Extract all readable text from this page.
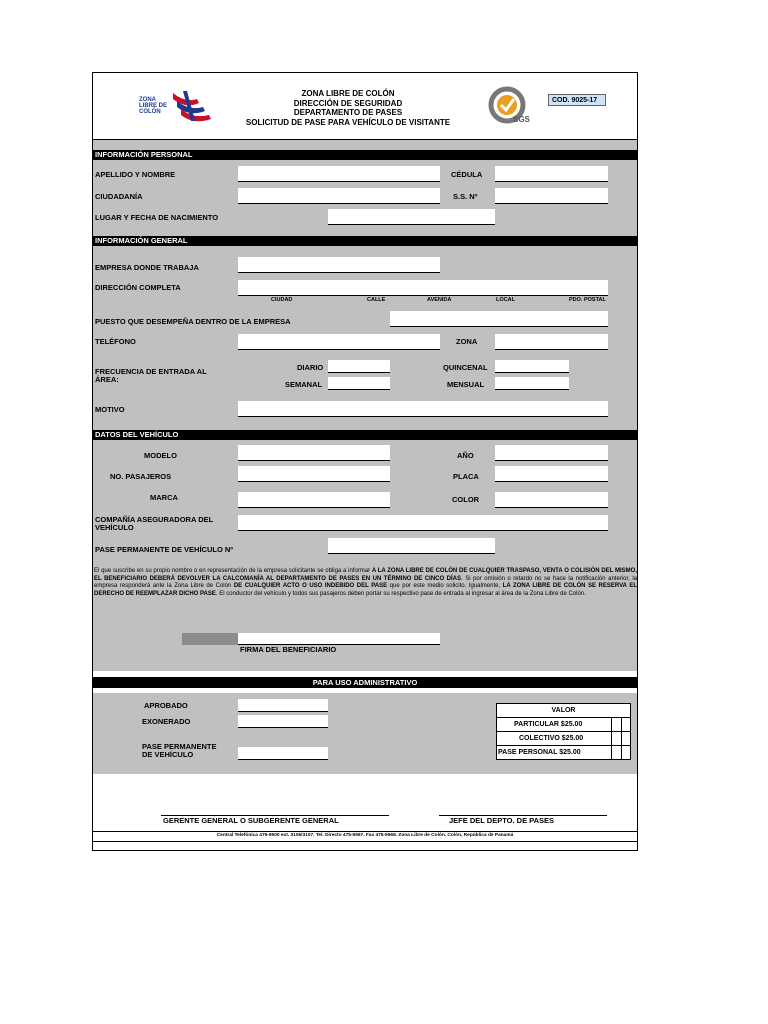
ZONA LIBRE DE COLÓN
ZONA LIBRE DE COLÓN
DIRECCIÓN DE SEGURIDAD
DEPARTAMENTO DE PASES
SOLICITUD DE PASE PARA VEHÍCULO DE VISITANTE	SGS
COD. 9025-17
INFORMACIÓN PERSONAL
APELLIDO Y NOMBRE	CÉDULA
CIUDADANÍA	S.S. Nº
LUGAR Y FECHA DE NACIMIENTO
INFORMACIÓN GENERAL
EMPRESA DONDE TRABAJA
DIRECCIÓN COMPLETA
CIUDAD	CALLE	AVENIDA	LOCAL	PDO. POSTAL
PUESTO QUE DESEMPEÑA DENTRO DE LA EMPRESA
TELÉFONO	ZONA
FRECUENCIA DE ENTRADA AL ÁREA:
DIARIO	QUINCENAL
SEMANAL	MENSUAL
MOTIVO
DATOS DEL VEHÍCULO
MODELO	AÑO
NO. PASAJEROS	PLACA
MARCA	COLOR
COMPAÑÍA ASEGURADORA DEL VEHÍCULO
PASE PERMANENTE DE VEHÍCULO Nº
El que suscribe en su propio nombre o en representación de la empresa solicitante se obliga a informar A LA ZONA LIBRE DE COLÓN DE CUALQUIER TRASPASO, VENTA O COLISIÓN DEL MISMO, EL BENEFICIARIO DEBERÁ DEVOLVER LA CALCOMANÍA AL DEPARTAMENTO DE PASES EN UN TÉRMINO DE CINCO DÍAS. Si por omisión o retardo no se hace la notificación anterior, la empresa responderá ante la Zona Libre de Colón DE CUALQUIER ACTO O USO INDEBIDO DEL PASE que por este medio solicito. Igualmente, LA ZONA LIBRE DE COLÓN SE RESERVA EL DERECHO DE REEMPLAZAR DICHO PASE. El conductor del vehículo y todos sus pasajeros deben portar su respectivo pase de entrada al ingresar al área de la Zona Libre de Colón.
FIRMA DEL BENEFICIARIO
PARA USO ADMINISTRATIVO
APROBADO
EXONERADO
PASE PERMANENTE
DE VEHÍCULO
VALOR
PARTICULAR $25.00
COLECTIVO $25.00
PASE PERSONAL $25.00
GERENTE GENERAL O SUBGERENTE GENERAL	JEFE DEL DEPTO. DE PASES
Central Telefónica 475-9500 ext. 3106/3107. Tel. Directo 475-9567. Fax 475-9568. Zona Libre de Colón. Colón, República de Panamá
